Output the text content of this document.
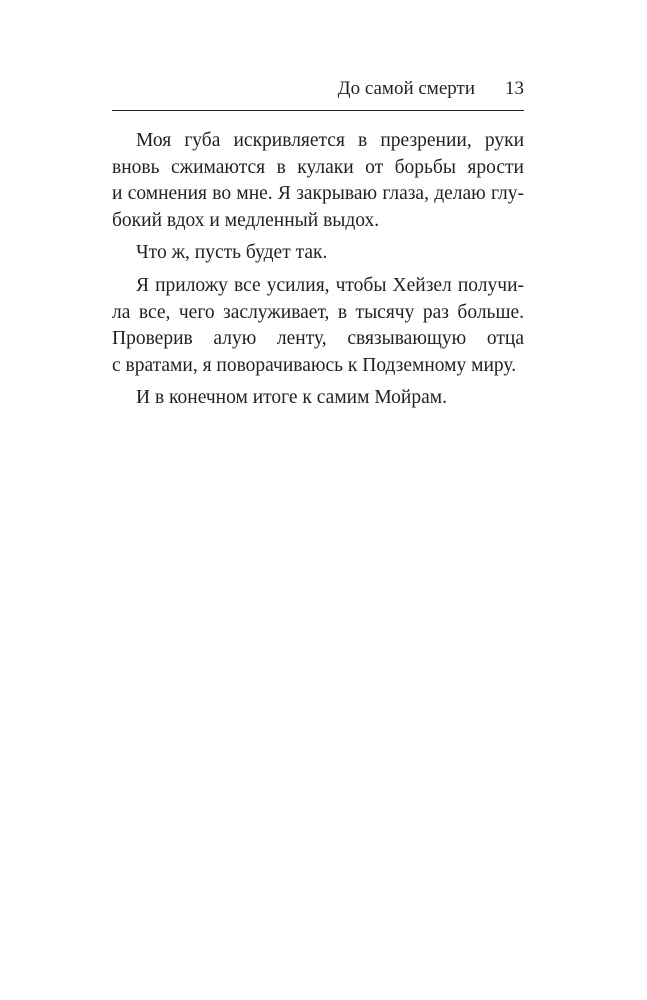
До самой смерти 13
Моя губа искривляется в презрении, руки
вновь сжимаются в кулаки от борьбы ярости
и сомнения во мне. Я закрываю глаза, делаю глу-
бокий вдох и медленный выдох.
Что ж, пусть будет так.
Я приложу все усилия, чтобы Хейзел получи-
ла все, чего заслуживает, в тысячу раз больше.
Проверив алую ленту, связывающую отца
с вратами, я поворачиваюсь к Подземному миру.
И в конечном итоге к самим Мойрам.
